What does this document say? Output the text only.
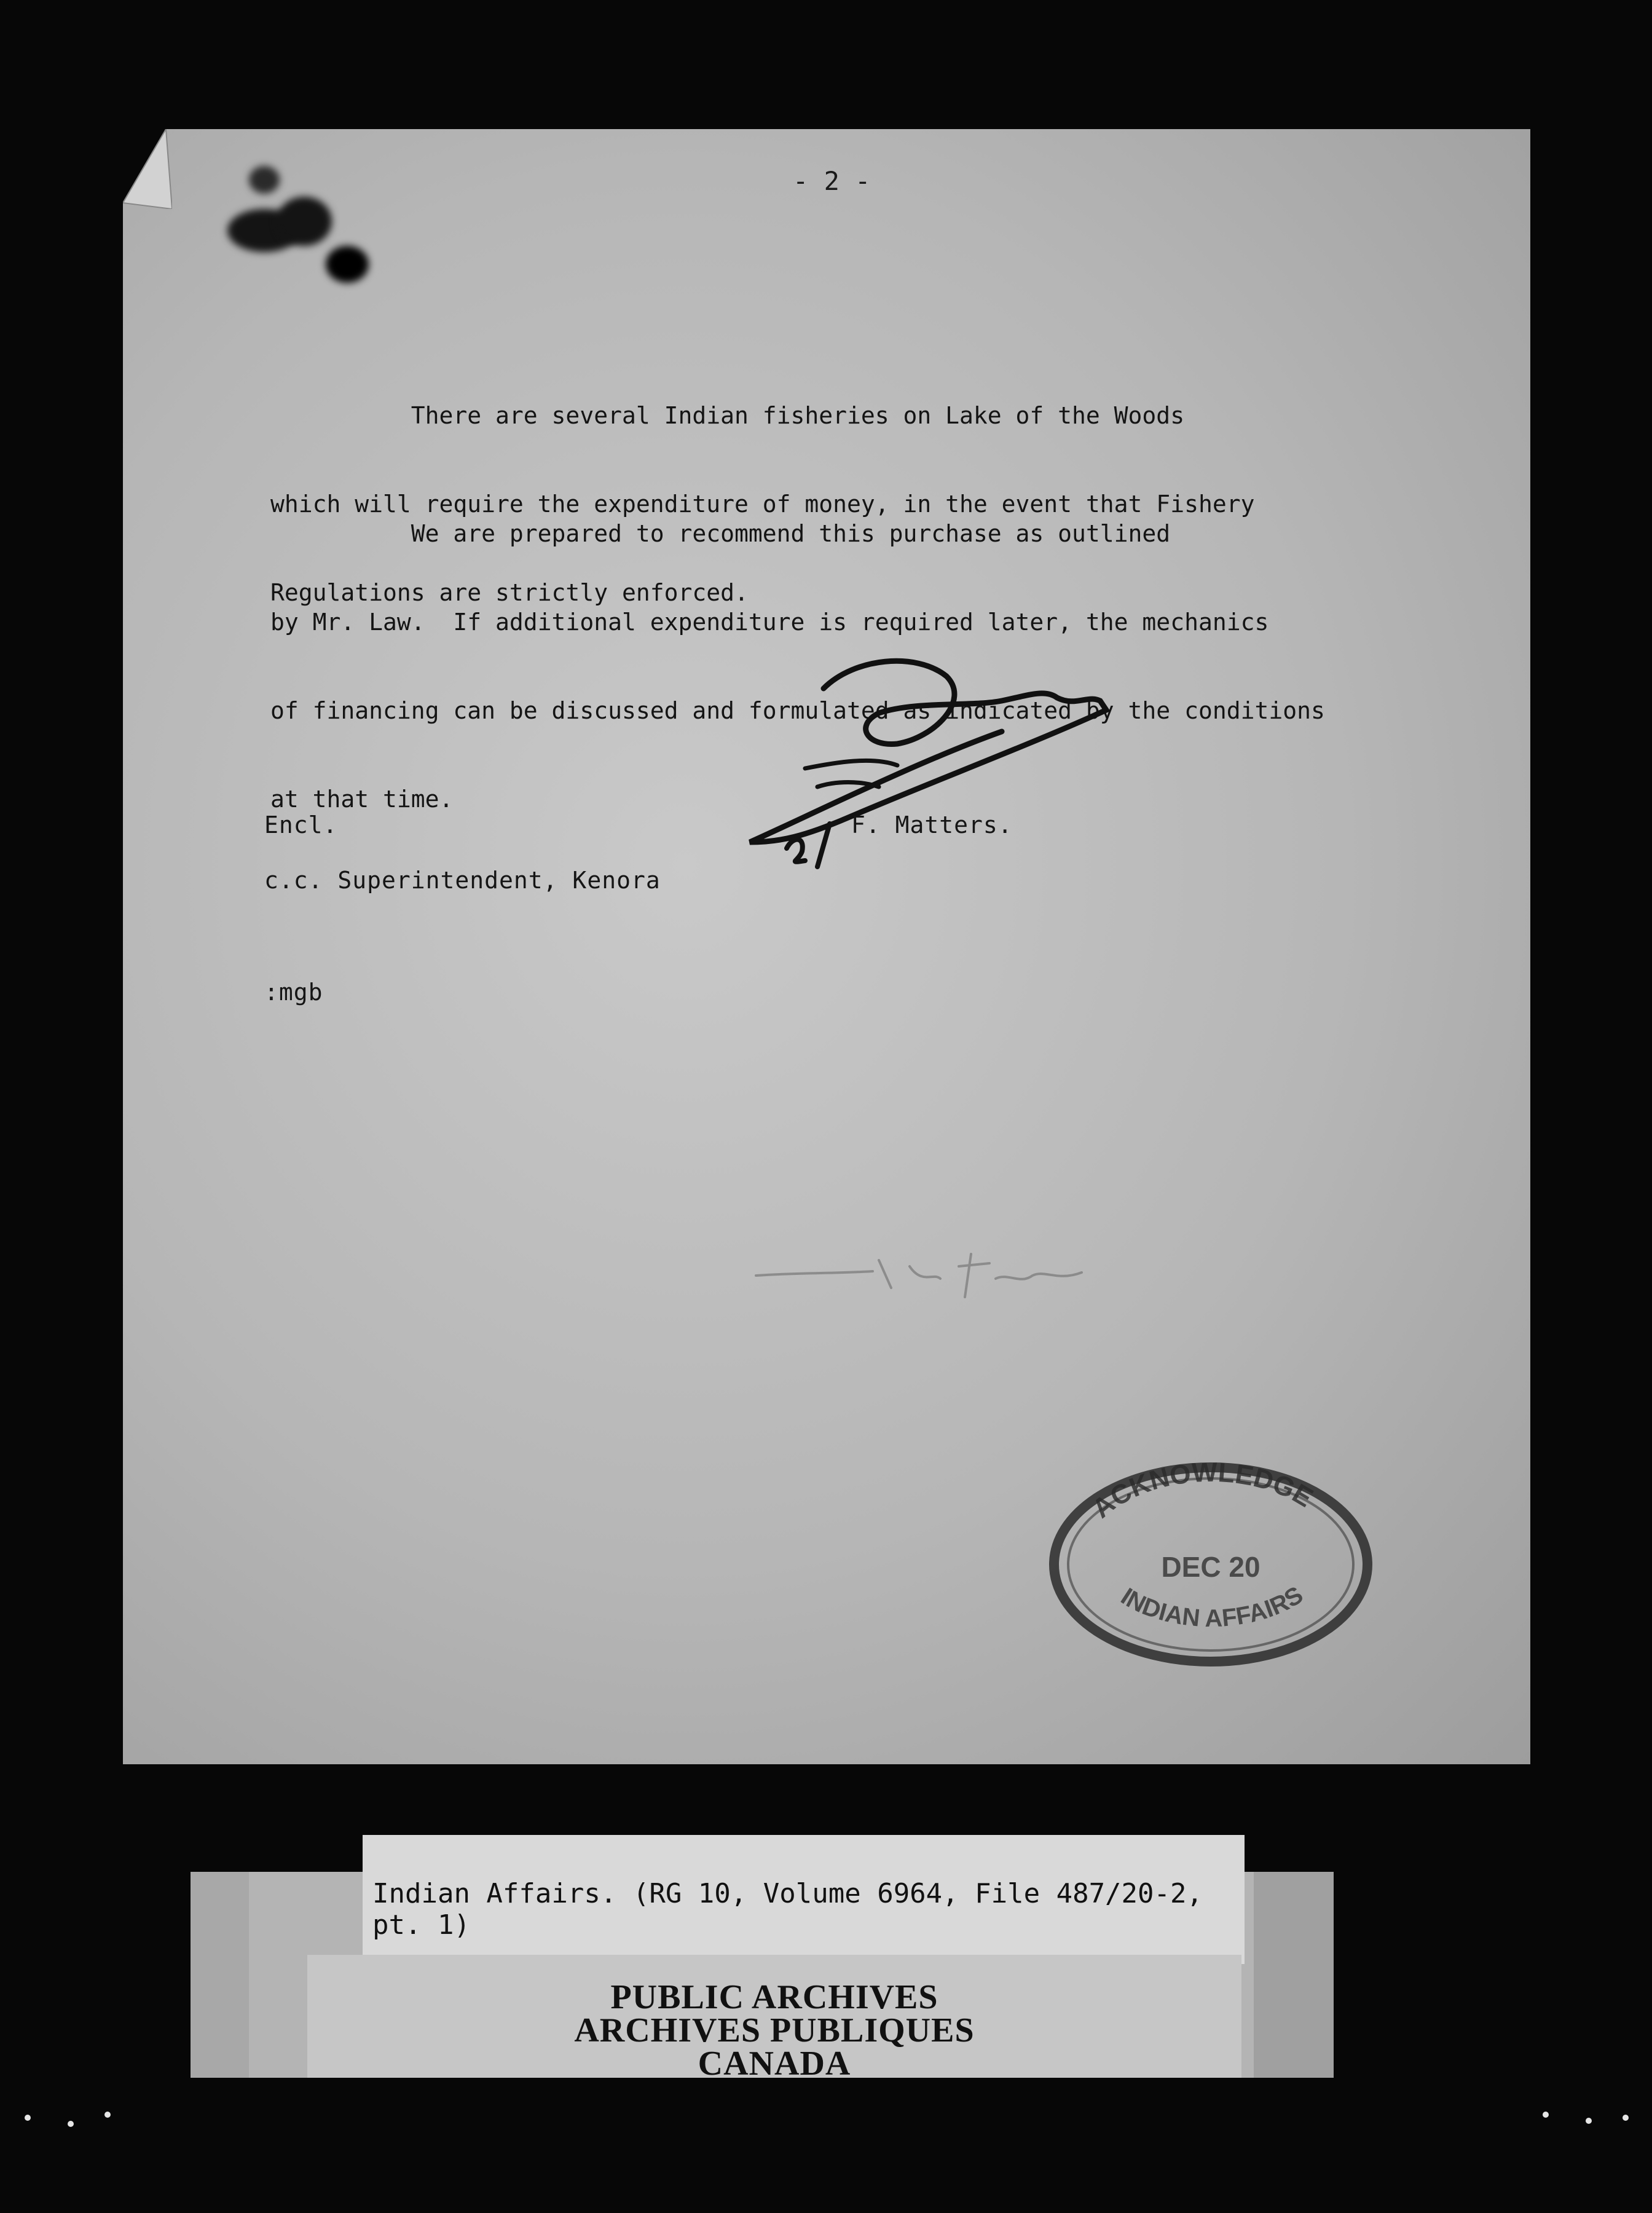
- 2 -

There are several Indian fisheries on Lake of the Woods

which will require the expenditure of money, in the event that Fishery

Regulations are strictly enforced.

We are prepared to recommend this purchase as outlined

by Mr. Law.  If additional expenditure is required later, the mechanics

of financing can be discussed and formulated as indicated by the conditions

at that time.

Encl.	F. Matters.
c.c. Superintendent, Kenora
:mgb
ACKNOWLEDGE
DEC 20
INDIAN AFFAIRS
Indian Affairs. (RG 10, Volume 6964, File 487/20-2, pt. 1)
PUBLIC ARCHIVES
ARCHIVES PUBLIQUES
CANADA
